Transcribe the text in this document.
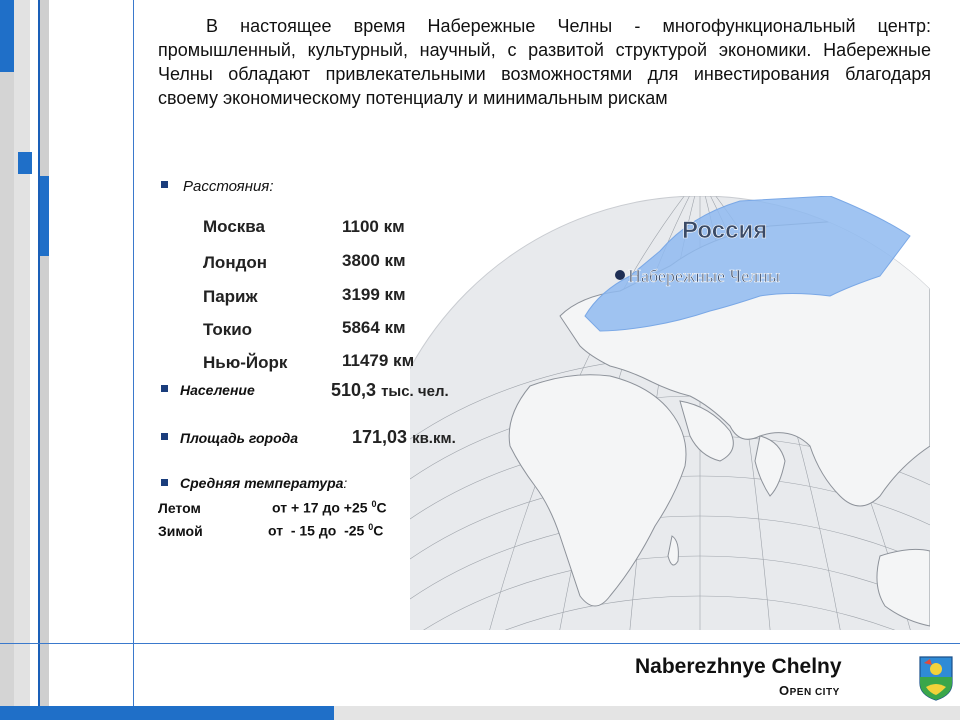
Россия
Набережные Челны
В настоящее время Набережные Челны - многофункциональный центр: промышленный, культурный, научный, с развитой структурой экономики. Набережные Челны обладают привлекательными возможностями для инвестирования благодаря своему экономическому потенциалу и минимальным рискам
Расстояния:
Москва	1100 км
Лондон	3800 км
Париж	3199 км
Токио	5864 км
Нью-Йорк	11479 км
Население	510,3 тыс. чел.
Площадь города	171,03 кв.км.
Средняя температура:
Летом	от + 17 до +25 $^0$C
Зимой	от  - 15 до  -25 $^0$C
Naberezhnye Chelny
OPEN CITY
